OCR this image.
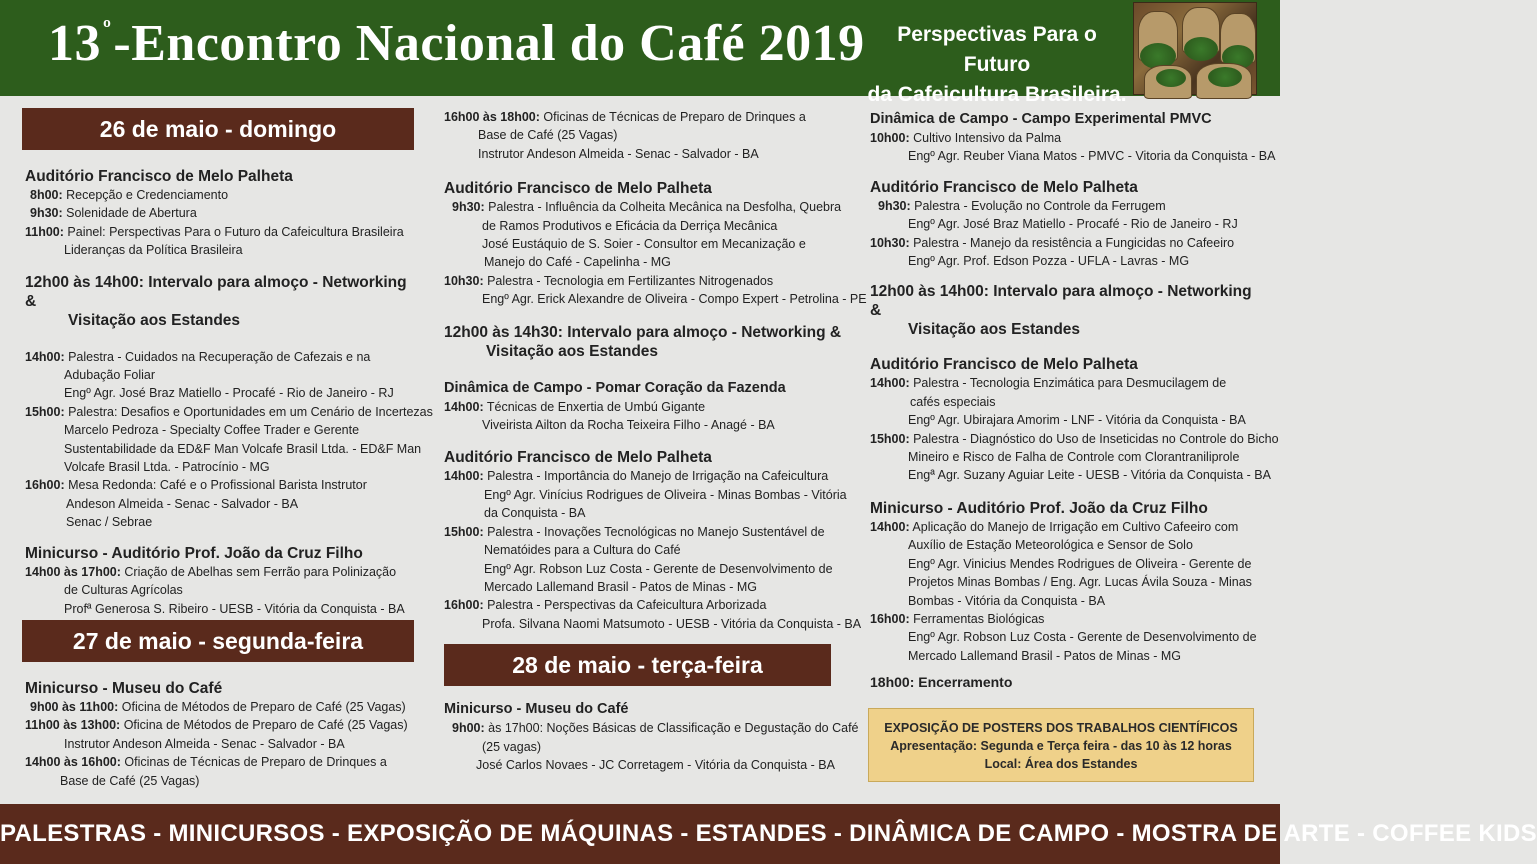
$13^º$-Encontro Nacional do Café 2019	Perspectivas Para o Futuro
da Cafeicultura Brasileira.
26 de maio - domingo
Auditório Francisco de Melo Palheta
8h00: Recepção e Credenciamento
9h30: Solenidade de Abertura
11h00: Painel: Perspectivas Para o Futuro da Cafeicultura Brasileira
Lideranças da Política Brasileira
12h00 às 14h00: Intervalo para almoço - Networking &
Visitação aos Estandes
14h00: Palestra - Cuidados na Recuperação de Cafezais e na
Adubação Foliar
Engº Agr. José Braz Matiello - Procafé - Rio de Janeiro - RJ
15h00: Palestra: Desafios e Oportunidades em um Cenário de Incertezas
Marcelo Pedroza - Specialty Coffee Trader e Gerente
Sustentabilidade da ED&F Man Volcafe Brasil Ltda. - ED&F Man
Volcafe Brasil Ltda. - Patrocínio - MG
16h00: Mesa Redonda: Café e o Profissional Barista Instrutor
Andeson Almeida - Senac - Salvador - BA
Senac / Sebrae
Minicurso - Auditório Prof. João da Cruz Filho
14h00 às 17h00: Criação de Abelhas sem Ferrão para Polinização
de Culturas Agrícolas
Profª Generosa S. Ribeiro - UESB - Vitória da Conquista - BA
27 de maio - segunda-feira
Minicurso - Museu do Café
9h00 às 11h00: Oficina de Métodos de Preparo de Café (25 Vagas)
11h00 às 13h00: Oficina de Métodos de Preparo de Café (25 Vagas)
Instrutor Andeson Almeida - Senac - Salvador - BA
14h00 às 16h00: Oficinas de Técnicas de Preparo de Drinques a
Base de Café (25 Vagas)
16h00 às 18h00: Oficinas de Técnicas de Preparo de Drinques a
Base de Café (25 Vagas)
Instrutor Andeson Almeida - Senac - Salvador - BA
Auditório Francisco de Melo Palheta
9h30: Palestra - Influência da Colheita Mecânica na Desfolha, Quebra
de Ramos Produtivos e Eficácia da Derriça Mecânica
José Eustáquio de S. Soier - Consultor em Mecanização e
Manejo do Café - Capelinha - MG
10h30: Palestra - Tecnologia em Fertilizantes Nitrogenados
Engº Agr. Erick Alexandre de Oliveira - Compo Expert - Petrolina - PE
12h00 às 14h30: Intervalo para almoço - Networking &
Visitação aos Estandes
Dinâmica de Campo - Pomar Coração da Fazenda
14h00: Técnicas de Enxertia de Umbú Gigante
Viveirista Ailton da Rocha Teixeira Filho - Anagé - BA
Auditório Francisco de Melo Palheta
14h00: Palestra - Importância do Manejo de Irrigação na Cafeicultura
Engº Agr. Vinícius Rodrigues de Oliveira - Minas Bombas - Vitória
da Conquista - BA
15h00: Palestra - Inovações Tecnológicas no Manejo Sustentável de
Nematóides para a Cultura do Café
Engº Agr. Robson Luz Costa - Gerente de Desenvolvimento de
Mercado Lallemand Brasil - Patos de Minas - MG
16h00: Palestra - Perspectivas da Cafeicultura Arborizada
Profa. Silvana Naomi Matsumoto - UESB - Vitória da Conquista - BA
28 de maio - terça-feira
Minicurso - Museu do Café
9h00: às 17h00: Noções Básicas de Classificação e Degustação do Café
(25 vagas)
José Carlos Novaes - JC Corretagem - Vitória da Conquista - BA
Dinâmica de Campo - Campo Experimental PMVC
10h00: Cultivo Intensivo da Palma
Engº Agr. Reuber Viana Matos - PMVC - Vitoria da Conquista - BA
Auditório Francisco de Melo Palheta
9h30: Palestra - Evolução no Controle da Ferrugem
Engº Agr. José Braz Matiello - Procafé - Rio de Janeiro - RJ
10h30: Palestra - Manejo da resistência a Fungicidas no Cafeeiro
Engº Agr. Prof. Edson Pozza - UFLA - Lavras - MG
12h00 às 14h00: Intervalo para almoço - Networking &
Visitação aos Estandes
Auditório Francisco de Melo Palheta
14h00: Palestra - Tecnologia Enzimática para Desmucilagem de
cafés especiais
Engº Agr. Ubirajara Amorim - LNF - Vitória da Conquista - BA
15h00: Palestra - Diagnóstico do Uso de Inseticidas no Controle do Bicho
Mineiro e Risco de Falha de Controle com Clorantraniliprole
Engª Agr. Suzany Aguiar Leite - UESB - Vitória da Conquista - BA
Minicurso - Auditório Prof. João da Cruz Filho
14h00: Aplicação do Manejo de Irrigação em Cultivo Cafeeiro com
Auxílio de Estação Meteorológica e Sensor de Solo
Engº Agr. Vinicius Mendes Rodrigues de Oliveira - Gerente de
Projetos Minas Bombas / Eng. Agr. Lucas Ávila Souza - Minas
Bombas - Vitória da Conquista - BA
16h00: Ferramentas Biológicas
Engº Agr. Robson Luz Costa - Gerente de Desenvolvimento de
Mercado Lallemand Brasil - Patos de Minas - MG
18h00: Encerramento
EXPOSIÇÃO DE POSTERS DOS TRABALHOS CIENTÍFICOS
Apresentação: Segunda e Terça feira - das 10 às 12 horas
Local: Área dos Estandes
PALESTRAS - MINICURSOS - EXPOSIÇÃO DE MÁQUINAS - ESTANDES - DINÂMICA DE CAMPO - MOSTRA DE ARTE - COFFEE KIDS
